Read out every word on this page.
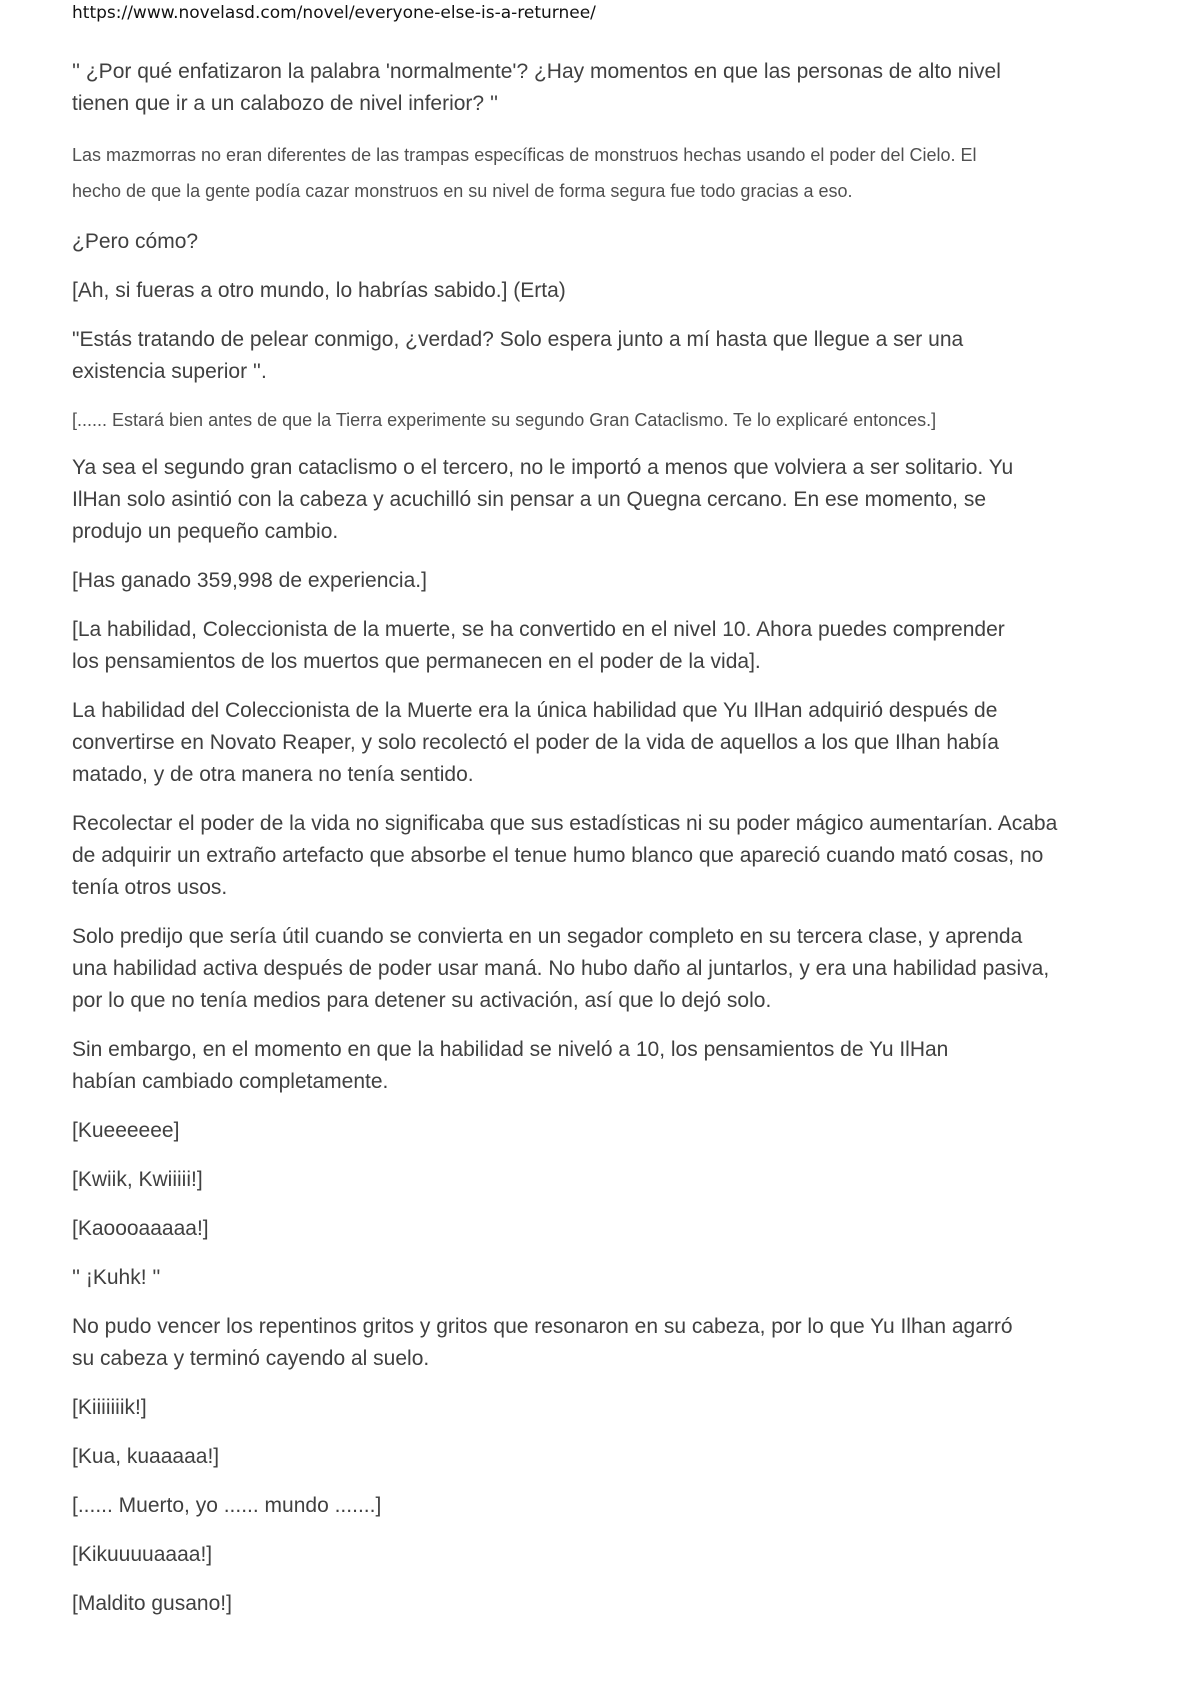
https://www.novelasd.com/novel/everyone-else-is-a-returnee/

'' ¿Por qué enfatizaron la palabra 'normalmente'? ¿Hay momentos en que las personas de alto nivel
tienen que ir a un calabozo de nivel inferior? ''

Las mazmorras no eran diferentes de las trampas específicas de monstruos hechas usando el poder del Cielo. El
hecho de que la gente podía cazar monstruos en su nivel de forma segura fue todo gracias a eso.

¿Pero cómo?

[Ah, si fueras a otro mundo, lo habrías sabido.] (Erta)

"Estás tratando de pelear conmigo, ¿verdad? Solo espera junto a mí hasta que llegue a ser una
existencia superior ''.

[...... Estará bien antes de que la Tierra experimente su segundo Gran Cataclismo. Te lo explicaré entonces.]

Ya sea el segundo gran cataclismo o el tercero, no le importó a menos que volviera a ser solitario. Yu
IlHan solo asintió con la cabeza y acuchilló sin pensar a un Quegna cercano. En ese momento, se
produjo un pequeño cambio.

[Has ganado 359,998 de experiencia.]

[La habilidad, Coleccionista de la muerte, se ha convertido en el nivel 10. Ahora puedes comprender
los pensamientos de los muertos que permanecen en el poder de la vida].

La habilidad del Coleccionista de la Muerte era la única habilidad que Yu IlHan adquirió después de
convertirse en Novato Reaper, y solo recolectó el poder de la vida de aquellos a los que Ilhan había
matado, y de otra manera no tenía sentido.

Recolectar el poder de la vida no significaba que sus estadísticas ni su poder mágico aumentarían. Acaba
de adquirir un extraño artefacto que absorbe el tenue humo blanco que apareció cuando mató cosas, no
tenía otros usos.

Solo predijo que sería útil cuando se convierta en un segador completo en su tercera clase, y aprenda
una habilidad activa después de poder usar maná. No hubo daño al juntarlos, y era una habilidad pasiva,
por lo que no tenía medios para detener su activación, así que lo dejó solo.

Sin embargo, en el momento en que la habilidad se niveló a 10, los pensamientos de Yu IlHan
habían cambiado completamente.

[Kueeeeee]

[Kwiik, Kwiiiii!]

[Kaoooaaaaa!]

'' ¡Kuhk! ''

No pudo vencer los repentinos gritos y gritos que resonaron en su cabeza, por lo que Yu Ilhan agarró
su cabeza y terminó cayendo al suelo.

[Kiiiiiiik!]

[Kua, kuaaaaa!]

[...... Muerto, yo ...... mundo .......]

[Kikuuuuaaaa!]

[Maldito gusano!]
